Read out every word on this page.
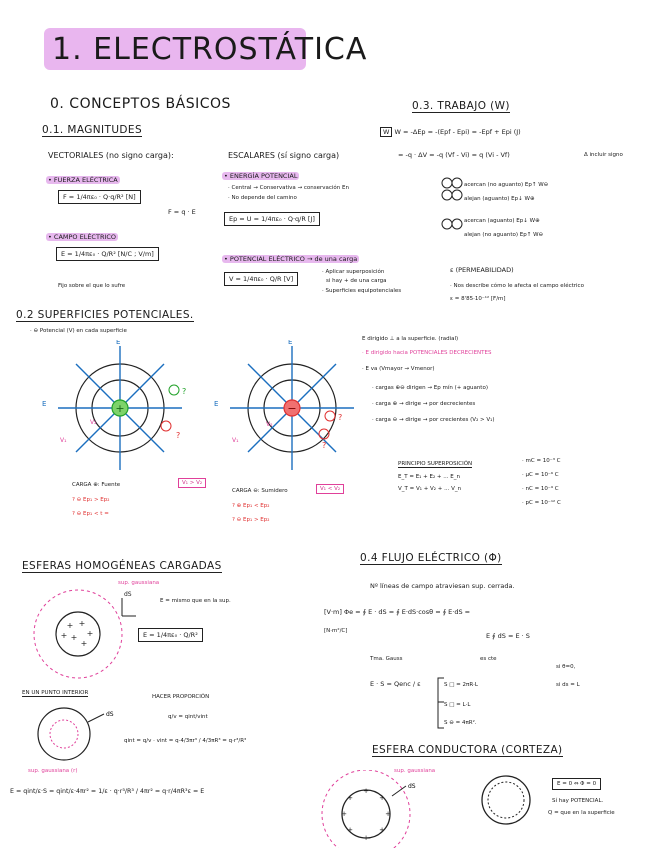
1. ELECTROSTÁTICA
0. CONCEPTOS BÁSICOS
0.1. MAGNITUDES
VECTORIALES (no signo carga):	ESCALARES (sí signo carga)
• FUERZA ELÉCTRICA
F = 1/4πε₀ · Q·q/R² [N]
F = q · E
• CAMPO ELÉCTRICO
E = 1/4πε₀ · Q/R² [N/C ; V/m]
Fijo sobre el que lo sufre
• ENERGÍA POTENCIAL
· Central → Conservativa → conservación En
· No depende del camino
Ep = U = 1/4πε₀ · Q·q/R [J]
• POTENCIAL ELÉCTRICO → de una carga
V = 1/4πε₀ · Q/R [V]
· Aplicar superposición
si hay + de una carga
· Superficies equipotenciales
0.3. TRABAJO (W)
W W = -ΔEp = -(Epf - Epi) = -Epf + Epi (J)
= -q · ΔV = -q (Vf - Vi) = q (Vi - Vf)	Δ incluir signo
acercan (no aguanto) Ep↑ W⊖
alejan (aguanto) Ep↓ W⊕
acercan (aguanto) Ep↓ W⊕
alejan (no aguanto) Ep↑ W⊖
ε (PERMEABILIDAD)
· Nos describe cómo le afecta el campo eléctrico
ε = 8'85·10⁻¹² [F/m]
0.2 SUPERFICIES POTENCIALES.
· ⊖ Potencial (V) en cada superficie
+
?
?
V₁
V₂
E
E	−
?
?
V₁
V₂
E
E
CARGA ⊕: Fuente	V₁ > V₂
? ⊖ Ep₁ > Ep₂
? ⊖ Ep₁ < t =
CARGA ⊖: Sumidero	V₁ < V₂
? ⊕ Ep₁ < Ep₂
? ⊖ Ep₁ > Ep₂
E dirigido ⊥ a la superficie. (radial)
· E dirigido hacia POTENCIALES DECRECIENTES
· E va (Vmayor → Vmenor)
· cargas ⊕⊖ dirigen → Ep mín (+ aguanto)
· carga ⊕ → dirige → por decrecientes
· carga ⊖ → dirige → por crecientes (V₂ > V₁)
PRINCIPIO SUPERPOSICIÓN
E_T = E₁ + E₂ + ... E_n
V_T = V₁ + V₂ + ... V_n
· mC = 10⁻³ C
· μC = 10⁻⁶ C
· nC = 10⁻⁹ C
· pC = 10⁻¹² C
ESFERAS HOMOGÉNEAS CARGADAS
sup. gaussiana
+ +
+
+
+
+
dS
E = mismo que en la sup.
E = 1/4πε₀ · Q/R²
EN UN PUNTO INTERIOR
HACER PROPORCIÓN
q/v = qint/vint
qint = q/v · vint = q·4/3πr³ / 4/3πR³ = q·r³/R³
dS
sup. gaussiana (r)
E = qint/ε·S = qint/ε·4πr² = 1/ε · q·r³/R³ / 4πr² = q·r/4πR³ε = E
0.4 FLUJO ELÉCTRICO (Φ)
Nº líneas de campo atraviesan sup. cerrada.
[V·m] Φe = ∮ E · dS = ∮ E·dS·cosθ = ∮ E·dS =
[N·m²/C]
E ∮ dS = E · S
Tma. Gauss	es cte
si θ=0,
si ds = L
E · S = Qenc / ε	S □ = 2πR·L
S □ = L·L
S ⊖ = 4πR².
ESFERA CONDUCTORA (CORTEZA)
sup. gaussiana
+
+	+
+
+	+
+	+
dS	E = 0 ⇔ Φ = 0
Sí hay POTENCIAL.
Q = que en la superficie
